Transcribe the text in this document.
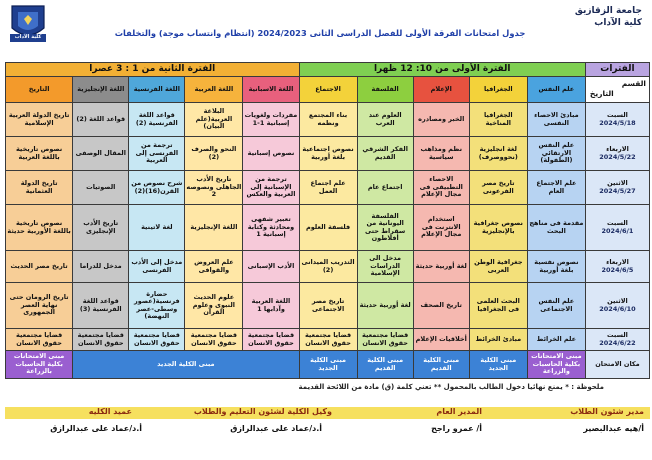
جامعة الزقازيق
كلية الآداب
كلية الآداب	جدول امتحانات الفرقة الأولى للفصل الدراسى الثانى 2024/2023 (انتظام وانتساب موجة) والتخلفات
الفترات	الفترة الأولى من 10: 12 ظهرا					الفترة الثانية من 1 : 3 عصرا				

القسم
التاريخ	علم النفس	الجغرافيا	الإعلام	الفلسفة	الاجتماع	اللغة الاسبانية	اللغة العربية	اللغة الفرنسية	اللغة الإنجليزية	التاريخ

السبت
2024/5/18	مبادئ الاحصاء النفسى	الجغرافيا المناخية	الخبر ومصادره	العلوم عند العرب	بناء المجتمع ونظمه	مفردات ولغويات إسبانية 1-1	البلاغة العربية(علم البيان)	قواعد اللغة الفرنسية (2)	قواعد اللغة (2)	تاريخ الدولة العربية الإسلامية

الاربعاء
2024/5/22	علم النفس الارتقائي (الطفولة)	لغة انجليزية (نحووصرف)	نظم ومذاهب سياسية	الفكر الشرقي القديم	نصوص اجتماعية بلغة أوربية	نصوص إسبانية	النحو والصرف (2)	ترجمة من الفرنسى إلى العربية	المقال الوصفى	نصوص تاريخية باللغة العربية

الاثنين
2024/5/27	علم الاجتماع العام	تاريخ مصر الفرعونى	الاحصاء التطبيقى فى مجال الإعلام	اجتماع عام	علم اجتماع العمل	ترجمة من الإسبانية إلى العربية والعكس	تاريخ الأدب الجاهلى ونصوصه 2	شرح نصوص من القرن(16)(2)	الصوتيات	تاريخ الدولة العثمانية

السبت
2024/6/1	مقدمة فى مناهج البحث	نصوص جغرافية بالإنجليزية	استخدام الانترنت فى مجال الإعلام	الفلسفة اليونانية من سقراط حتى أفلاطون	فلسفة العلوم	تعبير شفهى ومحادثة وكتابة إسبانية 1	اللغة الإنجليزية	لغة لاتينية	تاريخ الأدب الإنجليزى	نصوص تاريخية باللغة الأوربية حديثة

الاربعاء
2024/6/5	نصوص نفسية بلغة أوربية	جغرافية الوطن العربى	لغة أوربية حديثة	مدخل الى الدراسات الإسلامية	التدريب الميدانى (2)	الأدب الإسبانى	علم العروض والقوافى	مدخل إلى الأدب الفرنسى	مدخل للدراما	تاريخ مصر الحديث

الاثنين
2024/6/10	علم النفس الاجتماعى	البحث العلمى فى الجغرافيا	تاريخ الصحف	لغة أوربية حديثة	تاريخ مصر الاجتماعى	اللغة العربية وآدابها 1	علوم الحديث النبوى وعلوم القرآن	حضارة فرنسية(عصور وسطى-عصر النهضة)	قواعد اللغة الفرنسية (3)	تاريخ الرومان حتى نهاية العصر الجمهورى

السبت
2024/6/22	علم الخرائط	مبادئ الخرائط	أخلاقيات الإعلام	قضايا مجتمعية حقوق الانسان	قضايا مجتمعية حقوق الانسان	قضايا مجتمعية حقوق الانسان	قضايا مجتمعية حقوق الانسان	قضايا مجتمعية حقوق الانسان	قضايا مجتمعية حقوق الانسان	قضايا مجتمعية حقوق الانسان
مكان الامتحان	مبنى الامتحانات بكلية الحاسبات والزراعة	مبنى الكلية الجديد	مبنى الكلية القديم	مبنى الكلية القديم	مبنى الكلية الجديد	مبنى الكلية الجديد				مبنى الامتحانات بكلية الحاسبات بالزراعة
ملحوظة : * يمنع نهائيا دخول الطالب بالمحمول ** تعني كلمة (ق) مادة من اللائحة القديمة
مدير شئون الطلاب
المدير العام
وكيل الكلية لشئون التعليم والطلاب
عميد الكليه
أ/هيه عبدالبصير
أ/ عمرو راجح
أ.د/عماد على عبدالرازق
أ.د/عماد على عبدالرازق
